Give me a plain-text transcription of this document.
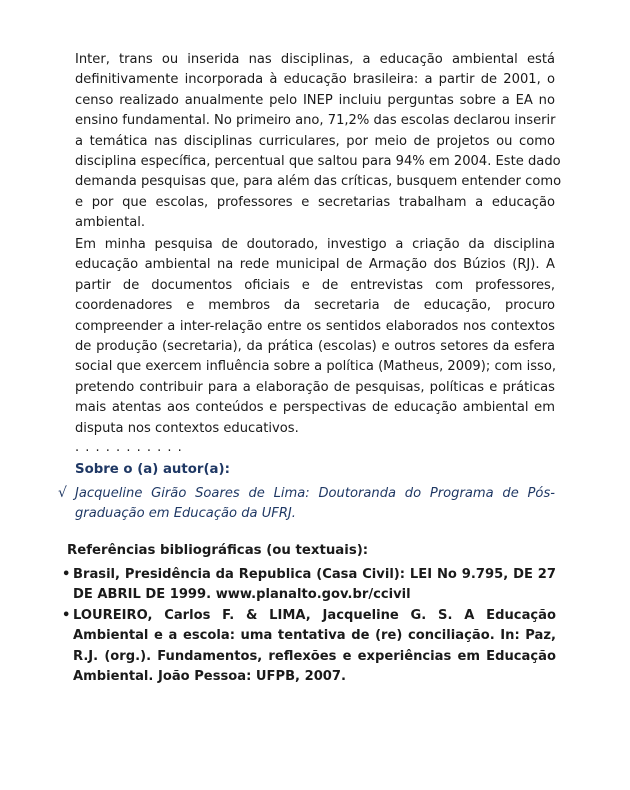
Inter, trans ou inserida nas disciplinas, a educação ambiental está
definitivamente incorporada à educação brasileira: a partir de 2001, o
censo realizado anualmente pelo INEP incluiu perguntas sobre a EA no
ensino fundamental. No primeiro ano, 71,2% das escolas declarou inserir
a temática nas disciplinas curriculares, por meio de projetos ou como
disciplina específica, percentual que saltou para 94% em 2004. Este dado
demanda pesquisas que, para além das críticas, busquem entender como
e por que escolas, professores e secretarias trabalham a educação
ambiental.

Em minha pesquisa de doutorado, investigo a criação da disciplina
educação ambiental na rede municipal de Armação dos Búzios (RJ). A
partir de documentos oficiais e de entrevistas com professores,
coordenadores e membros da secretaria de educação, procuro
compreender a inter-relação entre os sentidos elaborados nos contextos
de produção (secretaria), da prática (escolas) e outros setores da esfera
social que exercem influência sobre a política (Matheus, 2009); com isso,
pretendo contribuir para a elaboração de pesquisas, políticas e práticas
mais atentas aos conteúdos e perspectivas de educação ambiental em
disputa nos contextos educativos.

. . . . . . . . . . .
Sobre o (a) autor(a):
√ Jacqueline Girão Soares de Lima: Doutoranda do Programa de Pós-
graduação em Educação da UFRJ.
Referências bibliográficas (ou textuais):
• Brasil, Presidência da Republica (Casa Civil): LEI No 9.795, DE 27
DE ABRIL DE 1999. www.planalto.gov.br/ccivil
• LOUREIRO, Carlos F. & LIMA, Jacqueline G. S. A Educação
Ambiental e a escola: uma tentativa de (re) conciliação. In: Paz,
R.J. (org.). Fundamentos, reflexões e experiências em Educação
Ambiental. João Pessoa: UFPB, 2007.
